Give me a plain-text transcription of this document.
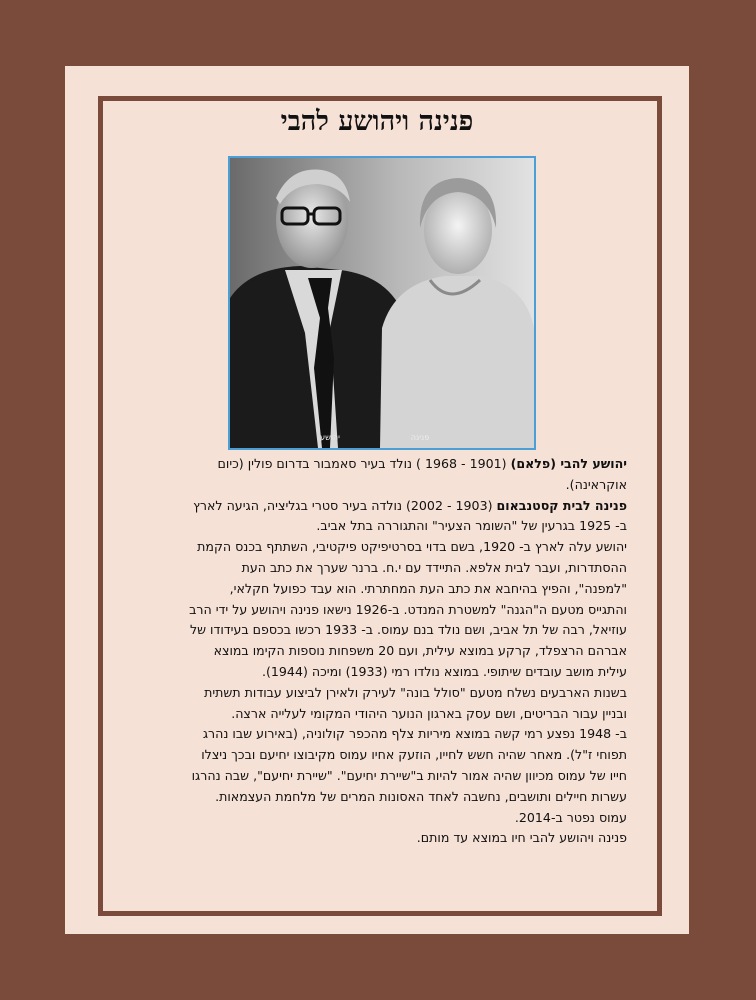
פנינה ויהושע להבי
יהושע	פנינה

יהושע להבי (פלאם) (1901 - 1968 ) נולד בעיר סאמבור בדרום פולין (כיום אוקראינה).

פנינה לבית קסטנבאום (1903 - 2002) נולדה בעיר סטרי בגליציה, הגיעה לארץ ב- 1925 בגרעין של "השומר הצעיר" והתגוררה בתל אביב.

יהושע עלה לארץ ב- 1920, בשם בדוי בסרטיפיקט פיקטיבי, השתתף בכנס הקמת ההסתדרות, ועבר לבית אלפא. התיידד עם י.ח. ברנר שערך את כתב העת "למפנה", והפיץ בהיחבא את כתב העת המחתרתי. הוא עבד כפועל חקלאי, והתגייס מטעם ה"הגנה" למשטרת המנדט. ב-1926 נישאו פנינה ויהושע על ידי הרב עוזיאל, רבה של תל אביב, ושם נולד בנם עמוס. ב- 1933 רכשו בכספם בעידודו של אברהם הרצפלד, קרקע במוצא עילית, ועם 20 משפחות נוספות הקימו במוצא עילית מושב עובדים שיתופי. במוצא נולדו רמי (1933) ומיכה (1944).

בשנות הארבעים נשלח מטעם "סולל בונה" לעירק ולאירן לביצוע עבודות תשתית ובניין עבור הבריטים, ושם עסק בארגון הנוער היהודי המקומי לעלייה ארצה.

ב- 1948 נפצע רמי קשה במוצא מיריות צלף מהכפר קולוניה, (באירוע שבו נהרג תפוחי ז"ל). מאחר שהיה חשש לחייו, הוזעק אחיו עמוס מקיבוצו יחיעם ובכך ניצלו חייו של עמוס מכיוון שהיה אמור להיות ב"שיירת יחיעם". "שיירת יחיעם", שבה נהרגו עשרות חיילים ותושבים, נחשבה לאחד האסונות המרים של מלחמת העצמאות. עמוס נפטר ב-2014.

פנינה ויהושע להבי חיו במוצא עד מותם.
